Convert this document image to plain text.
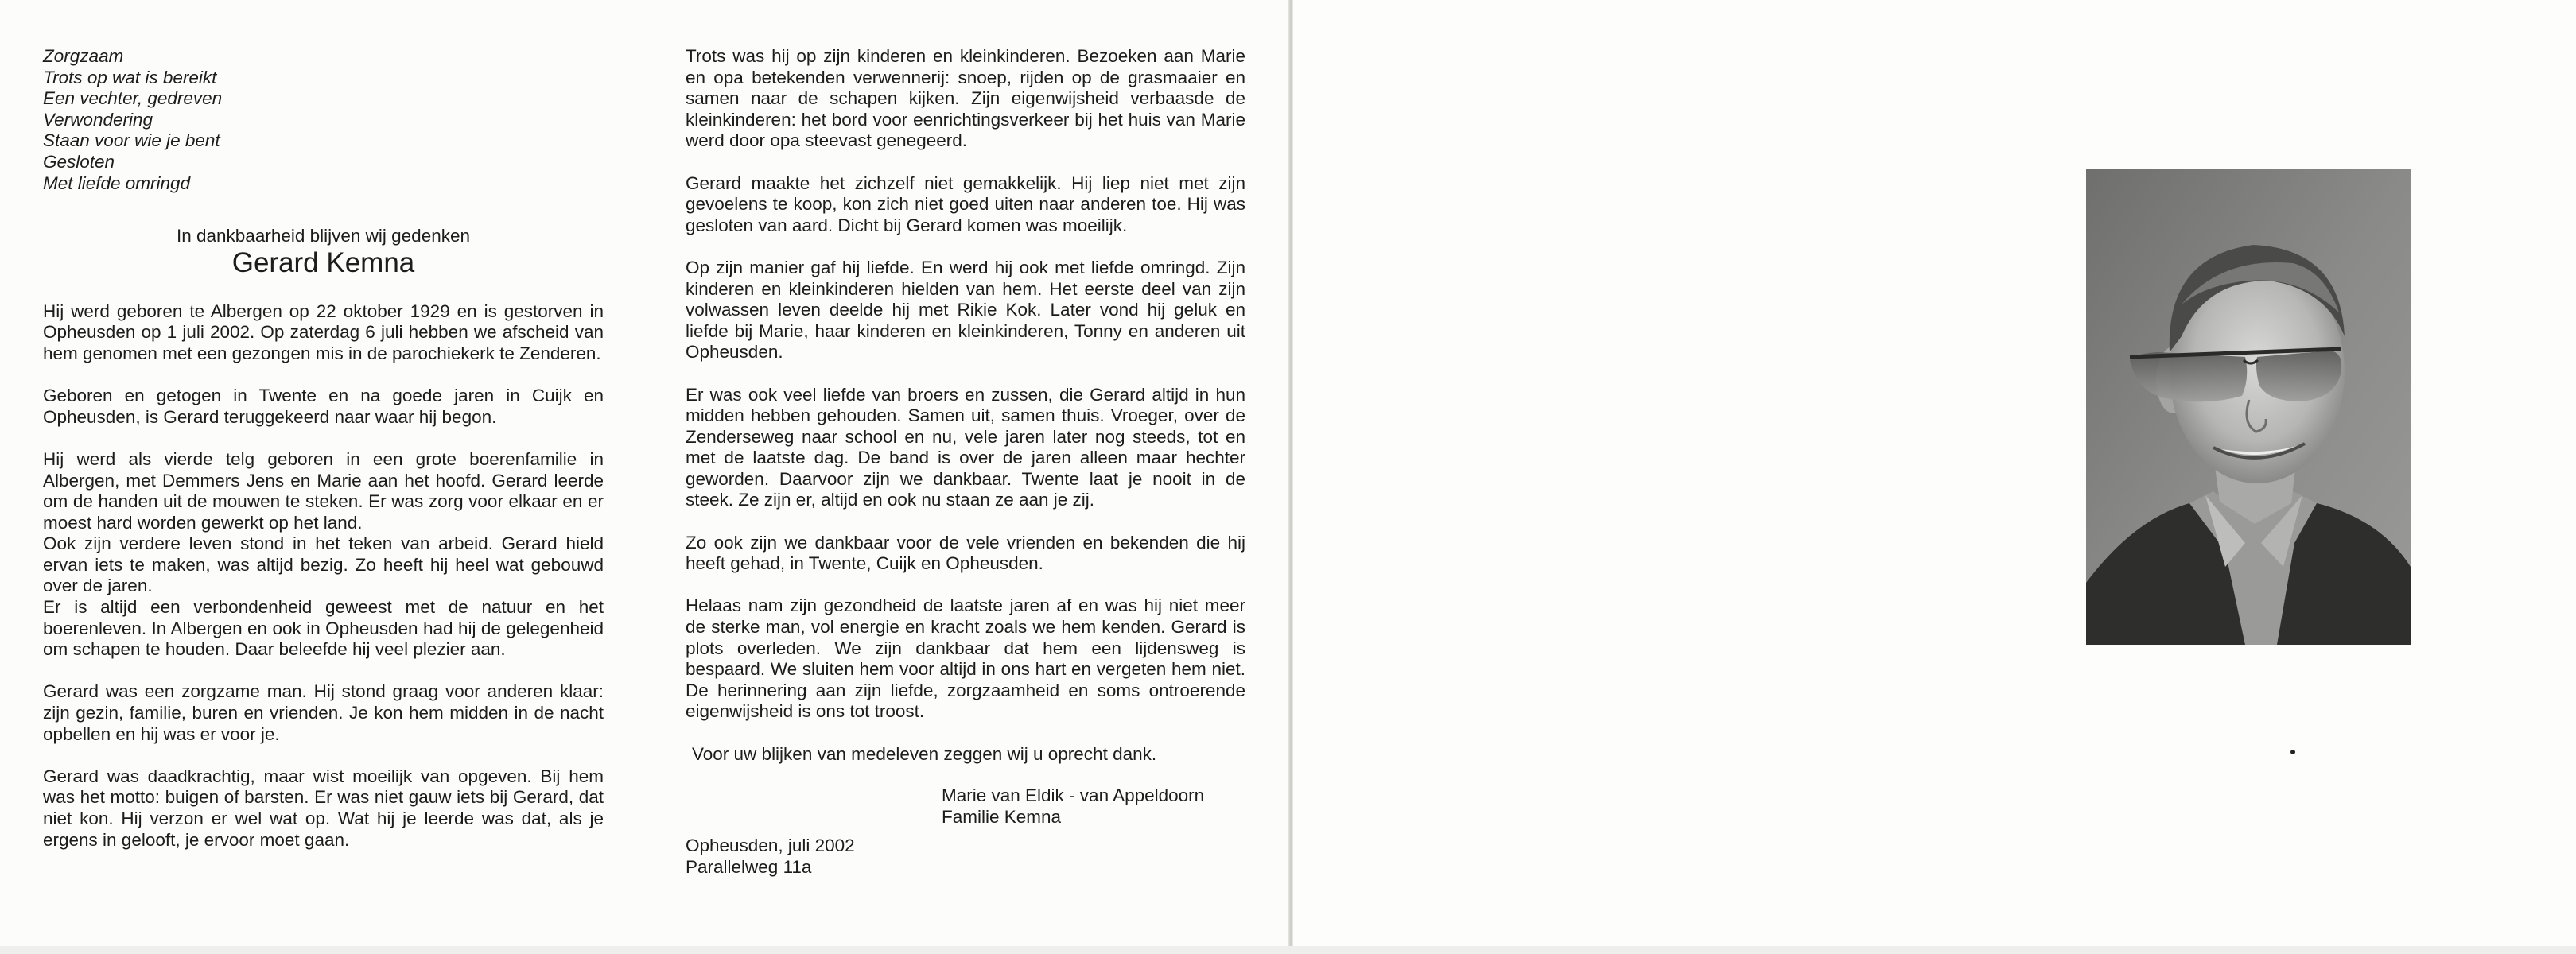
Zorgzaam

Trots op wat is bereikt

Een vechter, gedreven

Verwondering

Staan voor wie je bent

Gesloten

Met liefde omringd

In dankbaarheid blijven wij gedenken
Gerard Kemna

Hij werd geboren te Albergen op 22 oktober 1929 en is gestorven in Opheusden op 1 juli 2002. Op zaterdag 6 juli hebben we afscheid van hem genomen met een gezongen mis in de parochiekerk te Zenderen.

Geboren en getogen in Twente en na goede jaren in Cuijk en Opheusden, is Gerard teruggekeerd naar waar hij begon.

Hij werd als vierde telg geboren in een grote boerenfamilie in Albergen, met Demmers Jens en Marie aan het hoofd. Gerard leerde om de handen uit de mouwen te steken. Er was zorg voor elkaar en er moest hard worden gewerkt op het land.

Ook zijn verdere leven stond in het teken van arbeid. Gerard hield ervan iets te maken, was altijd bezig. Zo heeft hij heel wat gebouwd over de jaren.

Er is altijd een verbondenheid geweest met de natuur en het boerenleven. In Albergen en ook in Opheusden had hij de gelegenheid om schapen te houden. Daar beleefde hij veel plezier aan.

Gerard was een zorgzame man. Hij stond graag voor anderen klaar: zijn gezin, familie, buren en vrienden. Je kon hem midden in de nacht opbellen en hij was er voor je.

Gerard was daadkrachtig, maar wist moeilijk van opgeven. Bij hem was het motto: buigen of barsten. Er was niet gauw iets bij Gerard, dat niet kon. Hij verzon er wel wat op. Wat hij je leerde was dat, als je ergens in gelooft, je ervoor moet gaan.

Trots was hij op zijn kinderen en kleinkinderen. Bezoeken aan Marie en opa betekenden verwennerij: snoep, rijden op de grasmaaier en samen naar de schapen kijken. Zijn eigenwijsheid verbaasde de kleinkinderen: het bord voor eenrichtingsverkeer bij het huis van Marie werd door opa steevast genegeerd.

Gerard maakte het zichzelf niet gemakkelijk. Hij liep niet met zijn gevoelens te koop, kon zich niet goed uiten naar anderen toe. Hij was gesloten van aard. Dicht bij Gerard komen was moeilijk.

Op zijn manier gaf hij liefde. En werd hij ook met liefde omringd. Zijn kinderen en kleinkinderen hielden van hem. Het eerste deel van zijn volwassen leven deelde hij met Rikie Kok. Later vond hij geluk en liefde bij Marie, haar kinderen en kleinkinderen, Tonny en anderen uit Opheusden.

Er was ook veel liefde van broers en zussen, die Gerard altijd in hun midden hebben gehouden. Samen uit, samen thuis. Vroeger, over de Zenderseweg naar school en nu, vele jaren later nog steeds, tot en met de laatste dag. De band is over de jaren alleen maar hechter geworden. Daarvoor zijn we dankbaar. Twente laat je nooit in de steek. Ze zijn er, altijd en ook nu staan ze aan je zij.

Zo ook zijn we dankbaar voor de vele vrienden en bekenden die hij heeft gehad, in Twente, Cuijk en Opheusden.

Helaas nam zijn gezondheid de laatste jaren af en was hij niet meer de sterke man, vol energie en kracht zoals we hem kenden. Gerard is plots overleden. We zijn dankbaar dat hem een lijdensweg is bespaard. We sluiten hem voor altijd in ons hart en vergeten hem niet. De herinnering aan zijn liefde, zorgzaamheid en soms ontroerende eigenwijsheid is ons tot troost.

Voor uw blijken van medeleven zeggen wij u oprecht dank.
Marie van Eldik - van Appeldoorn
Familie Kemna
Opheusden, juli 2002
Parallelweg 11a
